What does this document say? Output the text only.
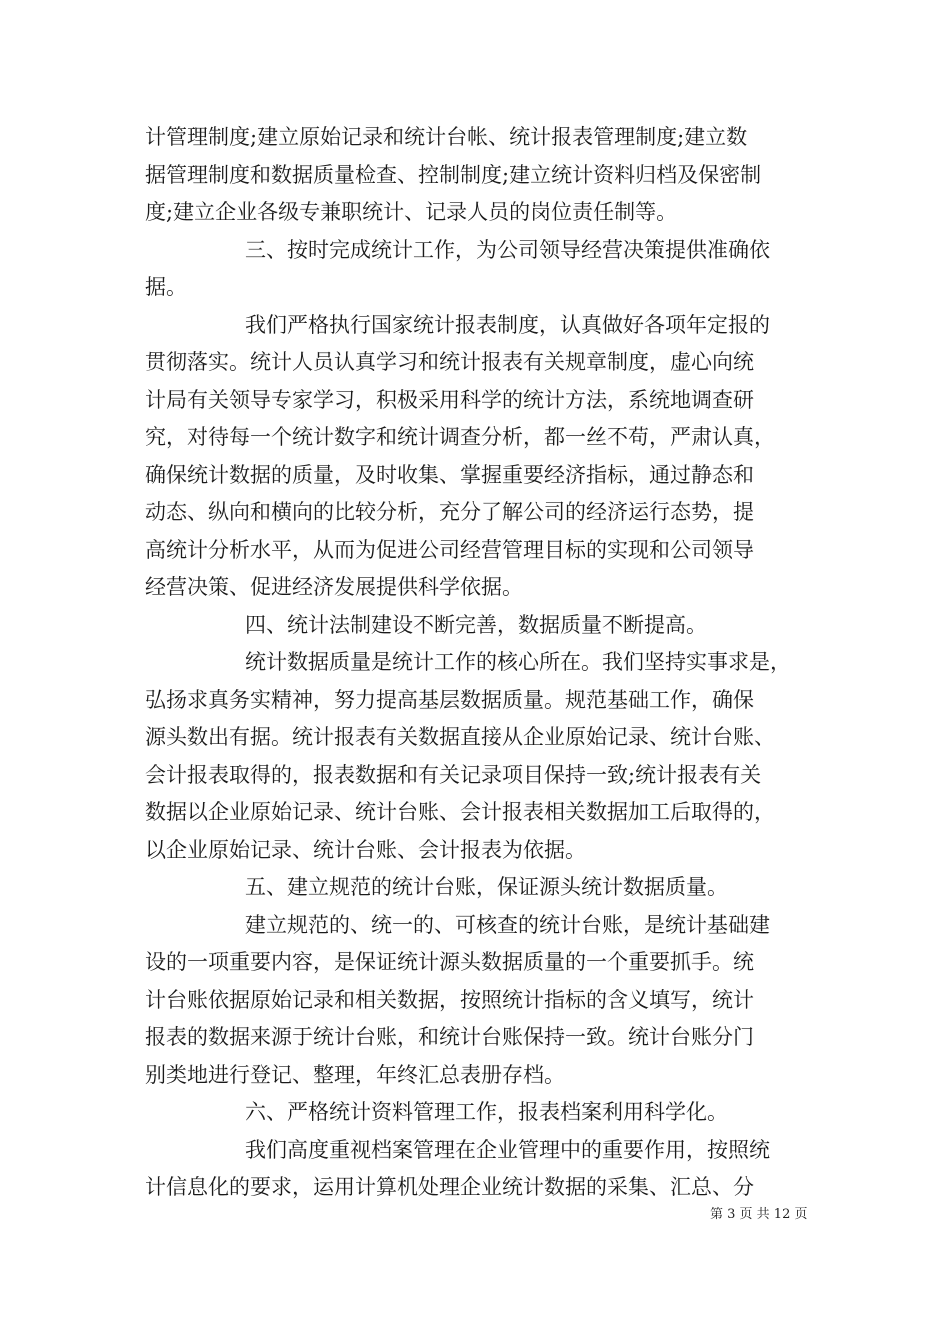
计管理制度;建立原始记录和统计台帐、统计报表管理制度;建立数
据管理制度和数据质量检查、控制制度;建立统计资料归档及保密制
度;建立企业各级专兼职统计、记录人员的岗位责任制等。
三、按时完成统计工作，为公司领导经营决策提供准确依
据。
我们严格执行国家统计报表制度，认真做好各项年定报的
贯彻落实。统计人员认真学习和统计报表有关规章制度，虚心向统
计局有关领导专家学习，积极采用科学的统计方法，系统地调查研
究，对待每一个统计数字和统计调查分析，都一丝不苟，严肃认真，
确保统计数据的质量，及时收集、掌握重要经济指标，通过静态和
动态、纵向和横向的比较分析，充分了解公司的经济运行态势，提
高统计分析水平，从而为促进公司经营管理目标的实现和公司领导
经营决策、促进经济发展提供科学依据。
四、统计法制建设不断完善，数据质量不断提高。
统计数据质量是统计工作的核心所在。我们坚持实事求是，
弘扬求真务实精神，努力提高基层数据质量。规范基础工作，确保
源头数出有据。统计报表有关数据直接从企业原始记录、统计台账、
会计报表取得的，报表数据和有关记录项目保持一致;统计报表有关
数据以企业原始记录、统计台账、会计报表相关数据加工后取得的，
以企业原始记录、统计台账、会计报表为依据。
五、建立规范的统计台账，保证源头统计数据质量。
建立规范的、统一的、可核查的统计台账，是统计基础建
设的一项重要内容，是保证统计源头数据质量的一个重要抓手。统
计台账依据原始记录和相关数据，按照统计指标的含义填写，统计
报表的数据来源于统计台账，和统计台账保持一致。统计台账分门
别类地进行登记、整理，年终汇总表册存档。
六、严格统计资料管理工作，报表档案利用科学化。
我们高度重视档案管理在企业管理中的重要作用，按照统
计信息化的要求，运用计算机处理企业统计数据的采集、汇总、分
第 3 页 共 12 页
